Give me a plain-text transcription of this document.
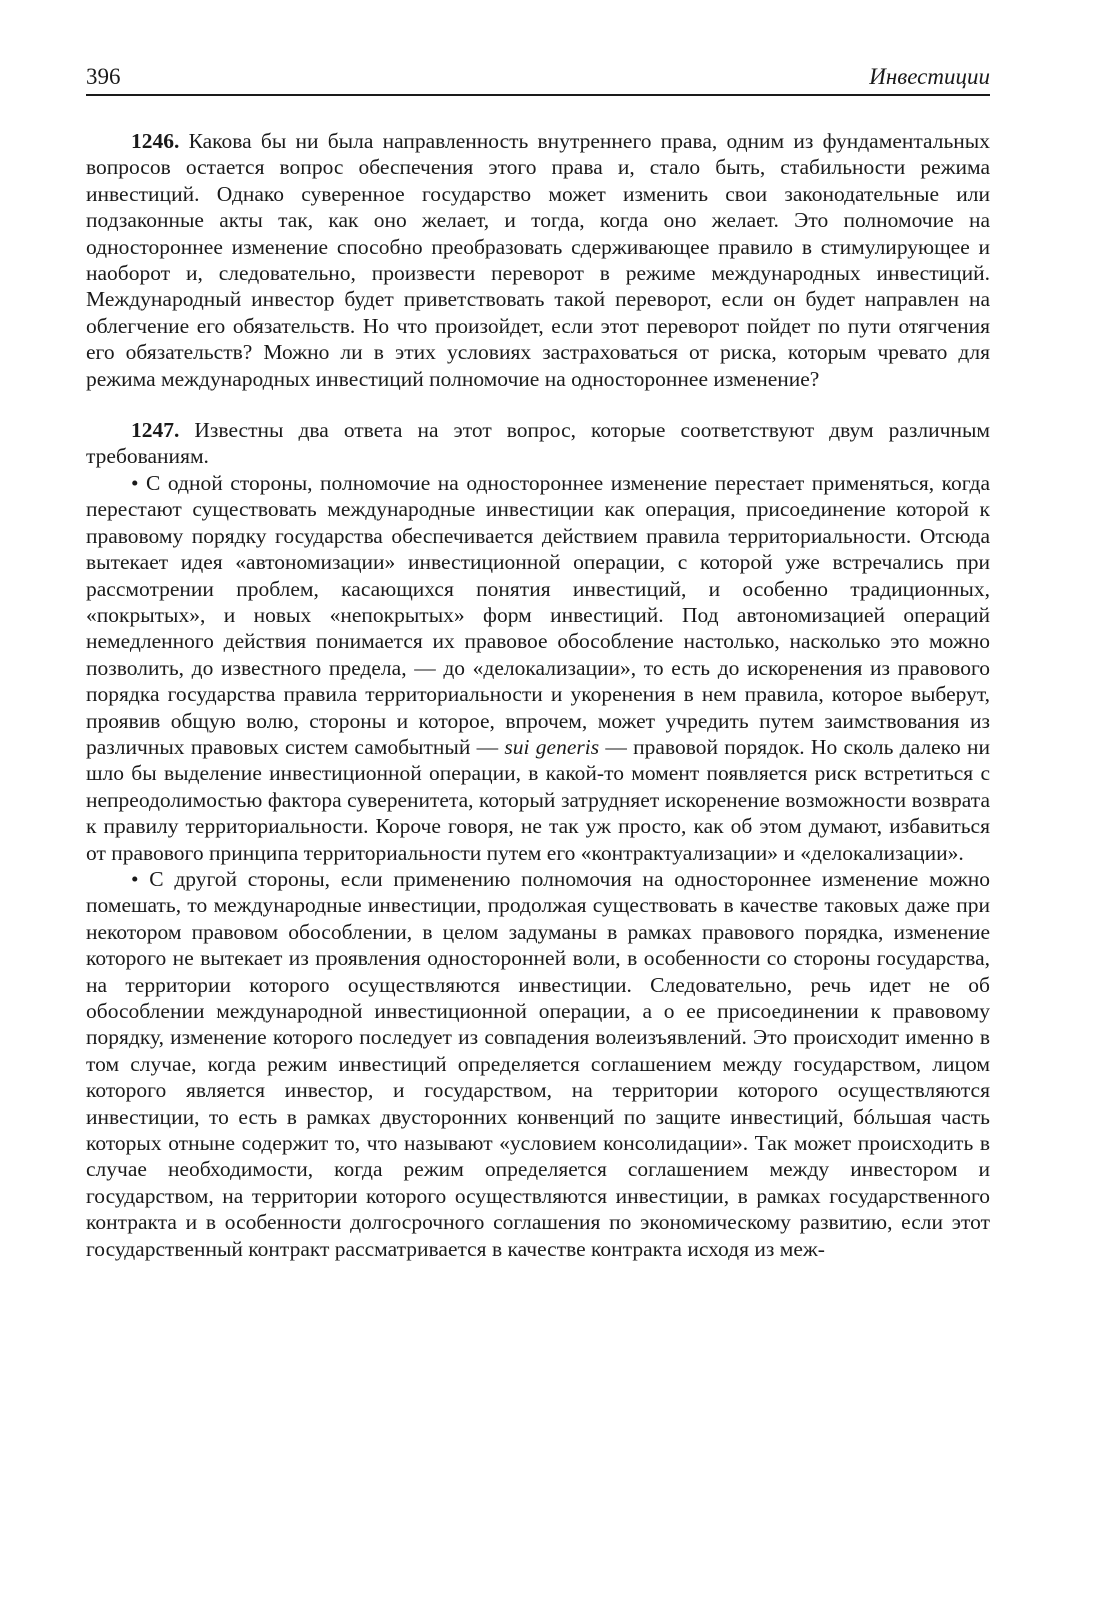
396	Инвестиции

1246. Какова бы ни была направленность внутреннего права, одним из фундаментальных вопросов остается вопрос обеспечения этого права и, стало быть, стабильности режима инвестиций. Однако суверенное государство может изменить свои законодательные или подзаконные акты так, как оно желает, и тогда, когда оно желает. Это полномочие на одностороннее изменение способно преобразовать сдерживающее правило в стимулирующее и наоборот и, следовательно, произвести переворот в режиме международных инвестиций. Международный инвестор будет приветствовать такой переворот, если он будет направлен на облегчение его обязательств. Но что произойдет, если этот переворот пойдет по пути отягчения его обязательств? Можно ли в этих условиях застраховаться от риска, которым чревато для режима международных инвестиций полномочие на одностороннее изменение?

1247. Известны два ответа на этот вопрос, которые соответствуют двум различным требованиям.

• С одной стороны, полномочие на одностороннее изменение перестает применяться, когда перестают существовать международные инвестиции как операция, присоединение которой к правовому порядку государства обеспечивается действием правила территориальности. Отсюда вытекает идея «автономизации» инвестиционной операции, с которой уже встречались при рассмотрении проблем, касающихся понятия инвестиций, и особенно традиционных, «покрытых», и новых «непокрытых» форм инвестиций. Под автономизацией операций немедленного действия понимается их правовое обособление настолько, насколько это можно позволить, до известного предела, — до «делокализации», то есть до искоренения из правового порядка государства правила территориальности и укоренения в нем правила, которое выберут, проявив общую волю, стороны и которое, впрочем, может учредить путем заимствования из различных правовых систем самобытный — sui generis — правовой порядок. Но сколь далеко ни шло бы выделение инвестиционной операции, в какой-то момент появляется риск встретиться с непреодолимостью фактора суверенитета, который затрудняет искоренение возможности возврата к правилу территориальности. Короче говоря, не так уж просто, как об этом думают, избавиться от правового принципа территориальности путем его «контрактуализации» и «делокализации».

• С другой стороны, если применению полномочия на одностороннее изменение можно помешать, то международные инвестиции, продолжая существовать в качестве таковых даже при некотором правовом обособлении, в целом задуманы в рамках правового порядка, изменение которого не вытекает из проявления односторонней воли, в особенности со стороны государства, на территории которого осуществляются инвестиции. Следовательно, речь идет не об обособлении международной инвестиционной операции, а о ее присоединении к правовому порядку, изменение которого последует из совпадения волеизъявлений. Это происходит именно в том случае, когда режим инвестиций определяется соглашением между государством, лицом которого является инвестор, и государством, на территории которого осуществляются инвестиции, то есть в рамках двусторонних конвенций по защите инвестиций, бóльшая часть которых отныне содержит то, что называют «условием консолидации». Так может происходить в случае необходимости, когда режим определяется соглашением между инвестором и государством, на территории которого осуществляются инвестиции, в рамках государственного контракта и в особенности долгосрочного соглашения по экономическому развитию, если этот государственный контракт рассматривается в качестве контракта исходя из меж-
